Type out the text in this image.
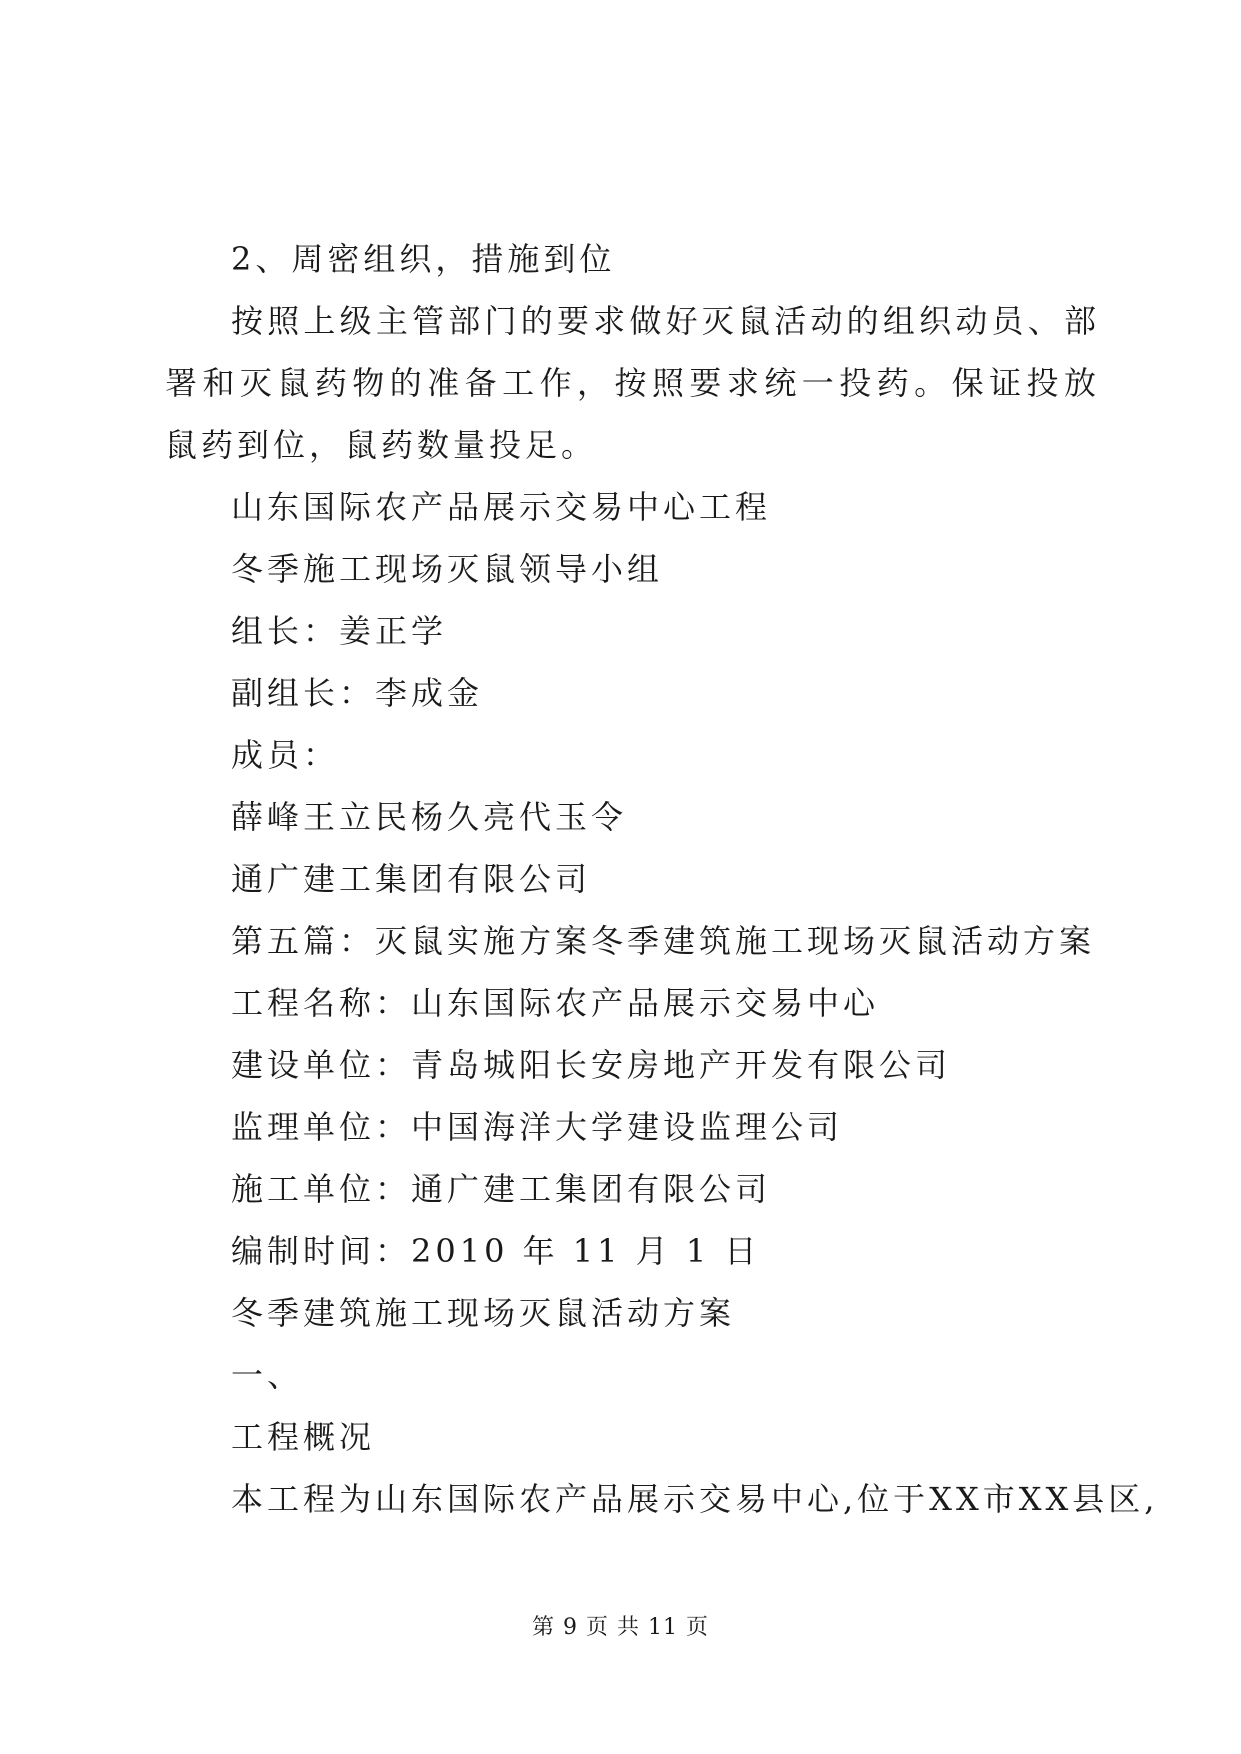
2、周密组织，措施到位

按照上级主管部门的要求做好灭鼠活动的组织动员、部署和灭鼠药物的准备工作，按照要求统一投药。保证投放鼠药到位，鼠药数量投足。

山东国际农产品展示交易中心工程
冬季施工现场灭鼠领导小组
组长：姜正学
副组长：李成金
成员：
薛峰王立民杨久亮代玉令
通广建工集团有限公司
第五篇：灭鼠实施方案冬季建筑施工现场灭鼠活动方案
工程名称：山东国际农产品展示交易中心
建设单位：青岛城阳长安房地产开发有限公司
监理单位：中国海洋大学建设监理公司
施工单位：通广建工集团有限公司
编制时间：2010 年 11 月 1 日
冬季建筑施工现场灭鼠活动方案
一、
工程概况
本工程为山东国际农产品展示交易中心,位于XX市XX县区,
第 9 页 共 11 页
